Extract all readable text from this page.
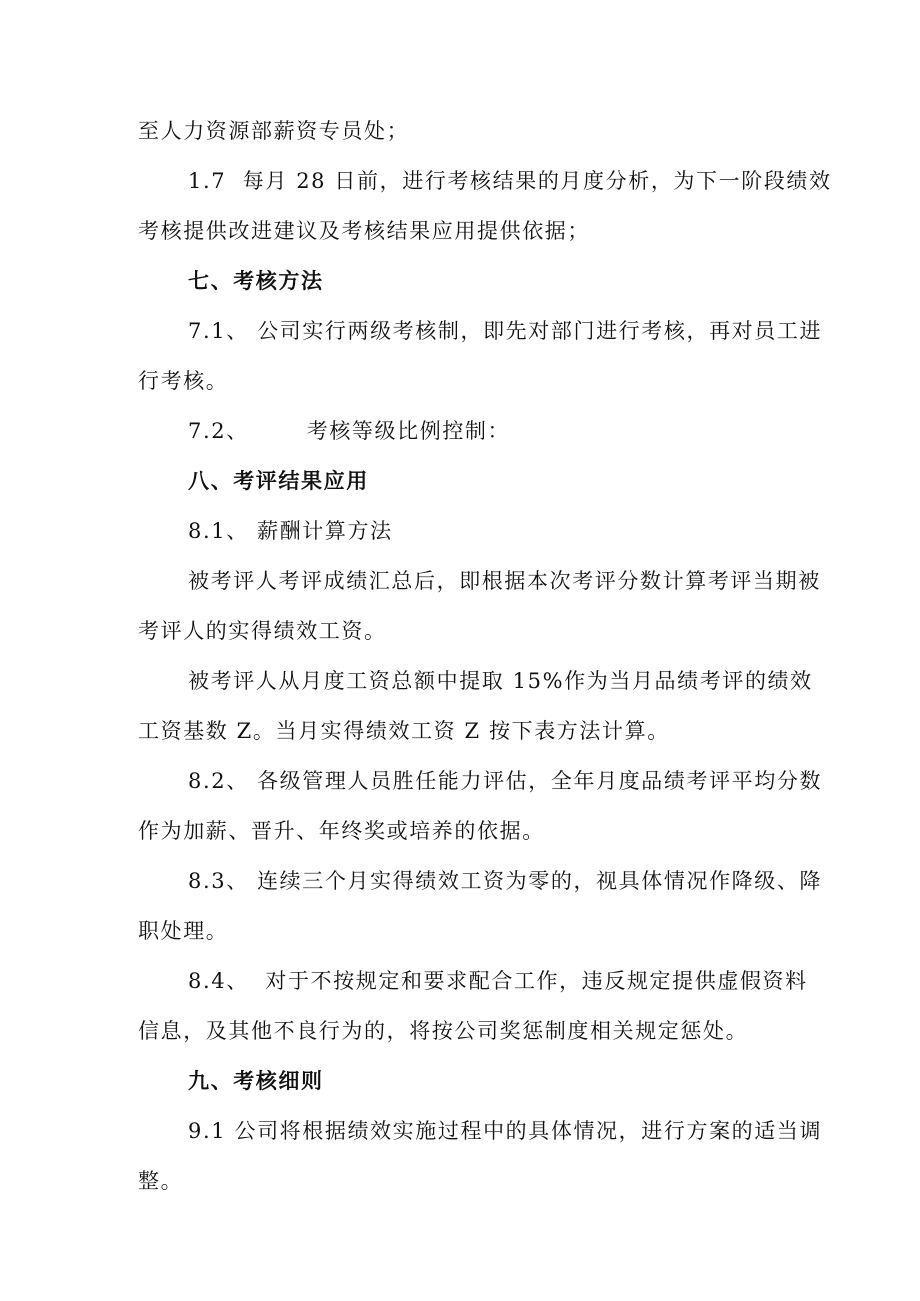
至人力资源部薪资专员处；
1.7  每月 28 日前，进行考核结果的月度分析，为下一阶段绩效
考核提供改进建议及考核结果应用提供依据；
七、考核方法
7.1、 公司实行两级考核制，即先对部门进行考核，再对员工进
行考核。
7.2、       考核等级比例控制：
八、考评结果应用
8.1、 薪酬计算方法
被考评人考评成绩汇总后，即根据本次考评分数计算考评当期被
考评人的实得绩效工资。
被考评人从月度工资总额中提取 15%作为当月品绩考评的绩效
工资基数 Z。当月实得绩效工资 Z 按下表方法计算。
8.2、 各级管理人员胜任能力评估，全年月度品绩考评平均分数
作为加薪、晋升、年终奖或培养的依据。
8.3、 连续三个月实得绩效工资为零的，视具体情况作降级、降
职处理。
8.4、  对于不按规定和要求配合工作，违反规定提供虚假资料
信息，及其他不良行为的，将按公司奖惩制度相关规定惩处。
九、考核细则
9.1 公司将根据绩效实施过程中的具体情况，进行方案的适当调
整。
